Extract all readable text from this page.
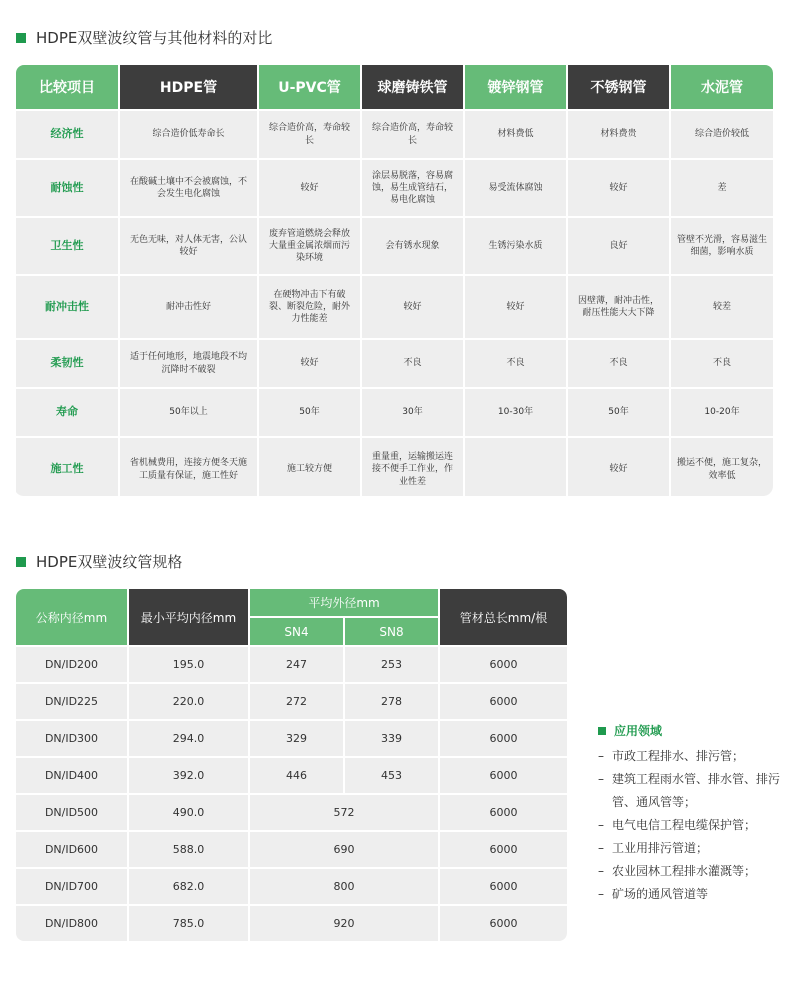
HDPE双壁波纹管与其他材料的对比
比较项目	HDPE管	U-PVC管	球磨铸铁管	镀锌钢管	不锈钢管	水泥管
经济性	综合造价低寿命长	综合造价高，寿命较长	综合造价高，寿命较长	材料费低	材料费贵	综合造价较低
耐蚀性	在酸碱土壤中不会被腐蚀，不会发生电化腐蚀	较好	涂层易脱落，容易腐蚀，易生成管结石，易电化腐蚀	易受流体腐蚀	较好	差
卫生性	无色无味，对人体无害，公认较好	废弃管道燃烧会释放大量重金属浓烟而污染环境	会有锈水现象	生锈污染水质	良好	管壁不光滑，容易滋生细菌，影响水质
耐冲击性	耐冲击性好	在硬物冲击下有破裂、断裂危险，耐外力性能差	较好	较好	因壁薄，耐冲击性，耐压性能大大下降	较差
柔韧性	适于任何地形，地震地段不均沉降时不破裂	较好	不良	不良	不良	不良
寿命	50年以上	50年	30年	10-30年	50年	10-20年
施工性	省机械费用，连接方便冬天施工质量有保证，施工性好	施工较方便	重量重，运输搬运连接不便手工作业，作业性差		较好	搬运不便，施工复杂，效率低
HDPE双壁波纹管规格
公称内径mm	最小平均内径mm	平均外径mm		管材总长mm/根
		SN4	SN8	
DN/ID200	195.0	247	253	6000
DN/ID225	220.0	272	278	6000
DN/ID300	294.0	329	339	6000
DN/ID400	392.0	446	453	6000
DN/ID500	490.0	572		6000
DN/ID600	588.0	690		6000
DN/ID700	682.0	800		6000
DN/ID800	785.0	920		6000
应用领域
– 市政工程排水、排污管；
– 建筑工程雨水管、排水管、排污管、通风管等；
– 电气电信工程电缆保护管；
– 工业用排污管道；
– 农业园林工程排水灌溉等；
– 矿场的通风管道等
